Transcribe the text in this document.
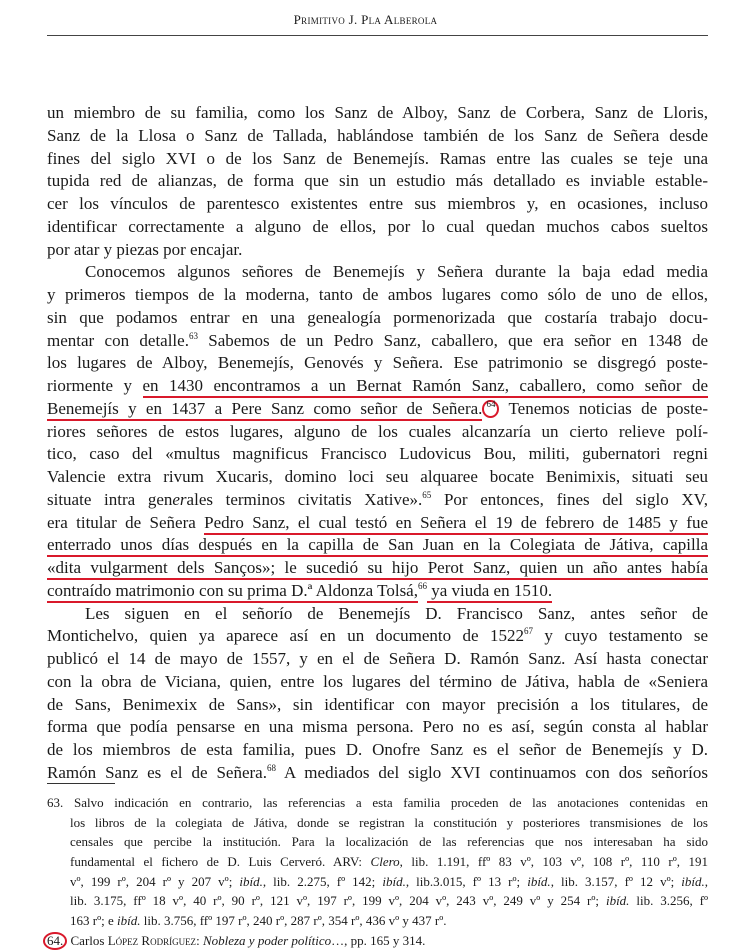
Primitivo J. Pla Alberola
un miembro de su familia, como los Sanz de Alboy, Sanz de Corbera, Sanz de Lloris,
Sanz de la Llosa o Sanz de Tallada, hablándose también de los Sanz de Señera desde
fines del siglo XVI o de los Sanz de Benemejís. Ramas entre las cuales se teje una
tupida red de alianzas, de forma que sin un estudio más detallado es inviable estable-
cer los vínculos de parentesco existentes entre sus miembros y, en ocasiones, incluso
identificar correctamente a alguno de ellos, por lo cual quedan muchos cabos sueltos
por atar y piezas por encajar.
Conocemos algunos señores de Benemejís y Señera durante la baja edad media
y primeros tiempos de la moderna, tanto de ambos lugares como sólo de uno de ellos,
sin que podamos entrar en una genealogía pormenorizada que costaría trabajo docu-
mentar con detalle.$^{63}$ Sabemos de un Pedro Sanz, caballero, que era señor en 1348 de
los lugares de Alboy, Benemejís, Genovés y Señera. Ese patrimonio se disgregó poste-
riormente y en 1430 encontramos a un Bernat Ramón Sanz, caballero, como señor de
Benemejís y en 1437 a Pere Sanz como señor de Señera. $^{64}$ Tenemos noticias de poste-
riores señores de estos lugares, alguno de los cuales alcanzaría un cierto relieve polí-
tico, caso del «multus magnificus Francisco Ludovicus Bou, militi, gubernatori regni
Valencie extra rivum Xucaris, domino loci seu alquaree bocate Benimixis, situati seu
situate intra generales terminos civitatis Xative».$^{65}$ Por entonces, fines del siglo XV,
era titular de Señera Pedro Sanz, el cual testó en Señera el 19 de febrero de 1485 y fue
enterrado unos días después en la capilla de San Juan en la Colegiata de Játiva, capilla
«dita vulgarment dels Sanços»; le sucedió su hijo Perot Sanz, quien un año antes había
contraído matrimonio con su prima D.ª Aldonza Tolsá,$^{66}$ ya viuda en 1510.
Les siguen en el señorío de Benemejís D. Francisco Sanz, antes señor de
Montichelvo, quien ya aparece así en un documento de 1522$^{67}$ y cuyo testamento se
publicó el 14 de mayo de 1557, y en el de Señera D. Ramón Sanz. Así hasta conectar
con la obra de Viciana, quien, entre los lugares del término de Játiva, habla de «Seniera
de Sans, Benimexix de Sans», sin identificar con mayor precisión a los titulares, de
forma que podía pensarse en una misma persona. Pero no es así, según consta al hablar
de los miembros de esta familia, pues D. Onofre Sanz es el señor de Benemejís y D.
Ramón Sanz es el de Señera.$^{68}$ A mediados del siglo XVI continuamos con dos señoríos
63. Salvo indicación en contrario, las referencias a esta familia proceden de las anotaciones contenidas en
los libros de la colegiata de Játiva, donde se registran la constitución y posteriores transmisiones de los
censales que percibe la institución. Para la localización de las referencias que nos interesaban ha sido
fundamental el fichero de D. Luis Cerveró. ARV: Clero, lib. 1.191, ffº 83 vº, 103 vº, 108 rº, 110 rº, 191
vº, 199 rº, 204 rº y 207 vº; ibíd., lib. 2.275, fº 142; ibíd., lib.3.015, fº 13 rº; ibíd., lib. 3.157, fº 12 vº; ibíd.,
lib. 3.175, ffº 18 vº, 40 rº, 90 rº, 121 vº, 197 rº, 199 vº, 204 vº, 243 vº, 249 vº y 254 rº; ibíd. lib. 3.256, fº
163 rº; e ibíd. lib. 3.756, ffº 197 rº, 240 rº, 287 rº, 354 rº, 436 vº y 437 rº.
64. Carlos López Rodríguez: Nobleza y poder político…, pp. 165 y 314.
